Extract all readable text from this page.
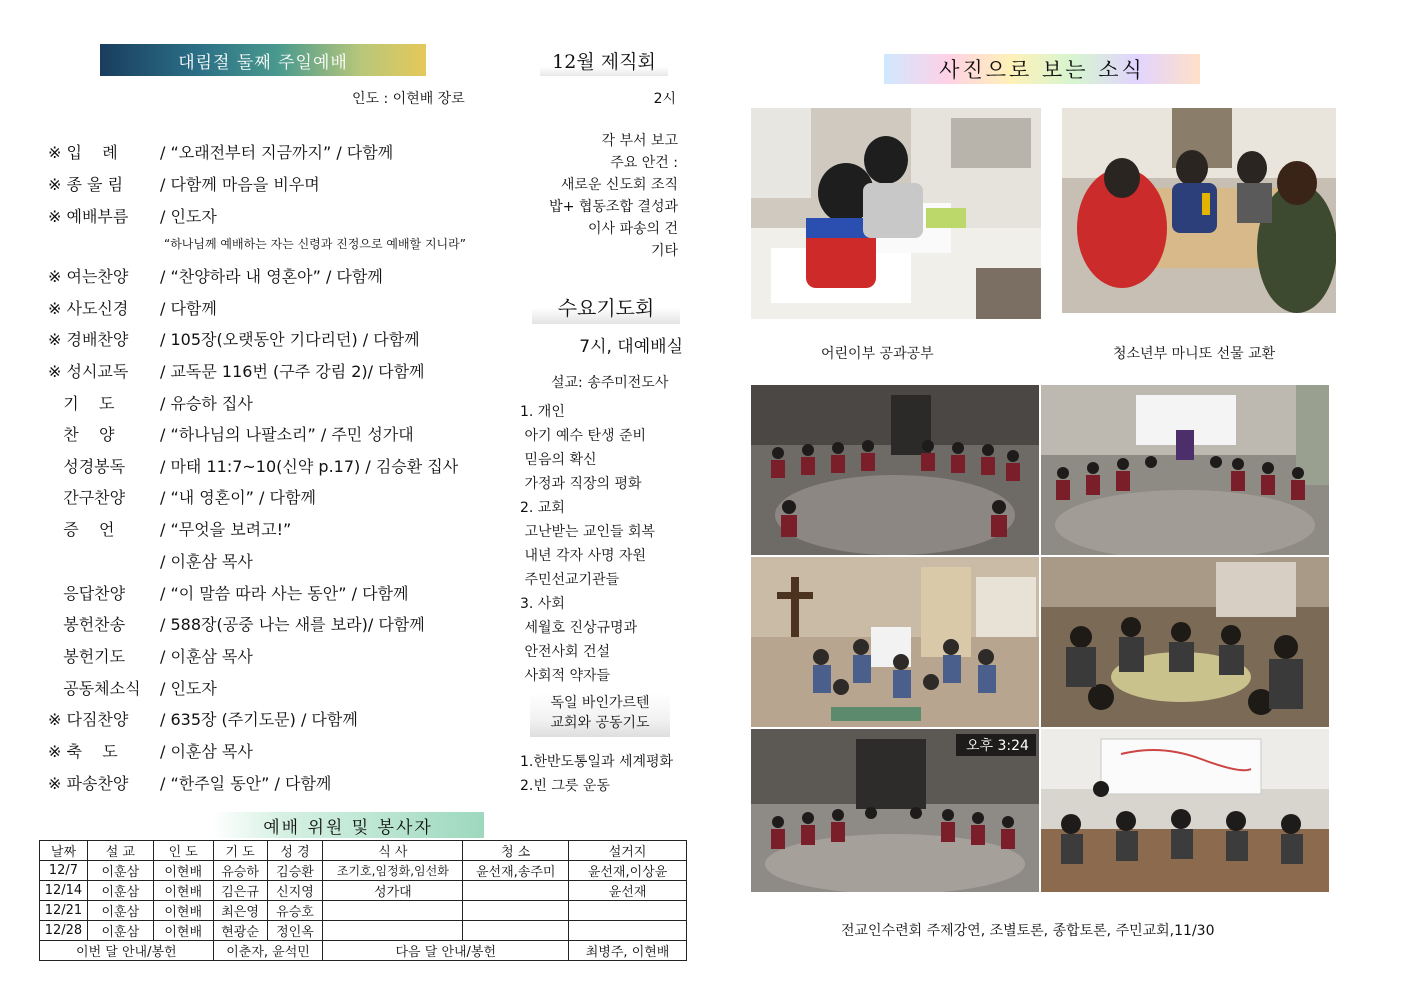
대림절 둘째 주일예배
인도 : 이현배 장로
※ 입    례	/ “오래전부터 지금까지” / 다함께
※ 종 울 림	/ 다함께 마음을 비우며
※ 예배부름	/ 인도자
※ 여는찬양	/ “찬양하라 내 영혼아” / 다함께
※ 사도신경	/ 다함께
※ 경배찬양	/ 105장(오랫동안 기다리던) / 다함께
※ 성시교독	/ 교독문 116번 (구주 강림 2)/ 다함께
기    도	/ 유승하 집사
찬    양	/ “하나님의 나팔소리” / 주민 성가대
성경봉독	/ 마태 11:7~10(신약 p.17) / 김승환 집사
간구찬양	/ “내 영혼이” / 다함께
증    언	/ “무엇을 보려고!”
/ 이훈삼 목사
응답찬양	/ “이 말씀 따라 사는 동안” / 다함께
봉헌찬송	/ 588장(공중 나는 새를 보라)/ 다함께
봉헌기도	/ 이훈삼 목사
공동체소식	/ 인도자
※ 다짐찬양	/ 635장 (주기도문) / 다함께
※ 축    도	/ 이훈삼 목사
※ 파송찬양	/ “한주일 동안” / 다함께
“하나님께 예배하는 자는 신령과 진정으로 예배할 지니라”
예배 위원 및 봉사자
날짜	설 교	인 도	기 도	성 경	식 사	청 소	설거지
12/7	이훈삼	이현배	유승하	김승환	조기호,임정화,임선화	윤선재,송주미	윤선재,이상윤
12/14	이훈삼	이현배	김은규	신지영	성가대		윤선재
12/21	이훈삼	이현배	최은영	유승호			
12/28	이훈삼	이현배	현광순	정인옥			
이번 달 안내/봉헌			이춘자, 윤석민		다음 달 안내/봉헌		최병주, 이현배
12월 제직회
2시
각 부서 보고
주요 안건 :
새로운 신도회 조직
밥+ 협동조합 결성과
이사 파송의 건
기타
수요기도회
7시, 대예배실
설교: 송주미전도사
1. 개인
아기 예수 탄생 준비
믿음의 확신
가정과 직장의 평화
2. 교회
고난받는 교인들 회복
내년 각자 사명 자원
주민선교기관들
3. 사회
세월호 진상규명과
안전사회 건설
사회적 약자들
독일 바인가르텐
교회와 공동기도
1.한반도통일과 세계평화
2.빈 그릇 운동
사진으로 보는 소식
어린이부 공과공부	청소년부 마니또 선물 교환
오후 3:24
전교인수련회 주제강연, 조별토론, 종합토론, 주민교회,11/30
